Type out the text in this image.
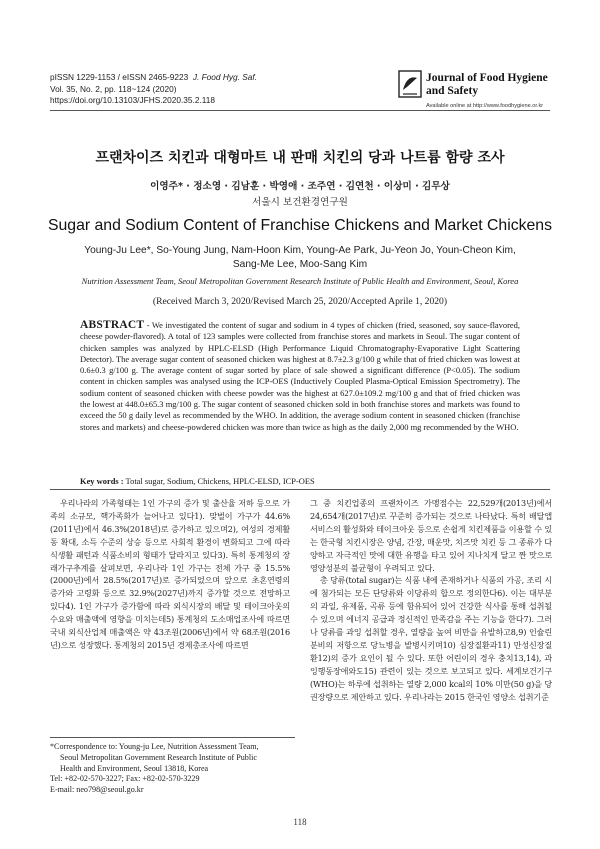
pISSN 1229-1153 / eISSN 2465-9223 J. Food Hyg. Saf.
Vol. 35, No. 2, pp. 118~124 (2020)
https://doi.org/10.13103/JFHS.2020.35.2.118
Journal of Food Hygiene
and Safety
Available online at http://www.foodhygiene.or.kr
프랜차이즈 치킨과 대형마트 내 판매 치킨의 당과 나트륨 함량 조사
이영주* · 정소영 · 김남훈 · 박영애 · 조주연 · 김연천 · 이상미 · 김무상
서울시 보건환경연구원
Sugar and Sodium Content of Franchise Chickens and Market Chickens
Young-Ju Lee*, So-Young Jung, Nam-Hoon Kim, Young-Ae Park, Ju-Yeon Jo, Youn-Cheon Kim,
Sang-Me Lee, Moo-Sang Kim
Nutrition Assessment Team, Seoul Metropolitan Government Research Institute of Public Health and Environment, Seoul, Korea
(Received March 3, 2020/Revised March 25, 2020/Accepted Aprile 1, 2020)
ABSTRACT - We investigated the content of sugar and sodium in 4 types of chicken (fried, seasoned, soy sauce-flavored, cheese powder-flavored). A total of 123 samples were collected from franchise stores and markets in Seoul. The sugar content of chicken samples was analyzed by HPLC-ELSD (High Performance Liquid Chromatography-Evaporative Light Scattering Detector). The average sugar content of seasoned chicken was highest at 8.7±2.3 g/100 g while that of fried chicken was lowest at 0.6±0.3 g/100 g. The average content of sugar sorted by place of sale showed a significant difference (P<0.05). The sodium content in chicken samples was analysed using the ICP-OES (Inductively Coupled Plasma-Optical Emission Spectrometry). The sodium content of seasoned chicken with cheese powder was the highest at 627.0±109.2 mg/100 g and that of fried chicken was the lowest at 448.0±65.3 mg/100 g. The sugar content of seasoned chicken sold in both franchise stores and markets was found to exceed the 50 g daily level as recommended by the WHO. In addition, the average sodium content in seasoned chicken (franchise stores and markets) and cheese-powdered chicken was more than twice as high as the daily 2,000 mg recommended by the WHO.
Key words : Total sugar, Sodium, Chickens, HPLC-ELSD, ICP-OES
우리나라의 가족형태는 1인 가구의 증가 및 출산율 저하 등으로 가족의 소규모, 핵가족화가 늘어나고 있다1). 맞벌이 가구가 44.6%(2011년)에서 46.3%(2018년)로 증가하고 있으며2), 여성의 경제활동 확대, 소득 수준의 상승 등으로 사회적 환경이 변화되고 그에 따라 식생활 패턴과 식품소비의 형태가 달라지고 있다3). 특히 통계청의 장래가구추계를 살펴보면, 우리나라 1인 가구는 전체 가구 중 15.5%(2000년)에서 28.5%(2017년)로 증가되었으며 앞으로 초혼연령의 증가와 고령화 등으로 32.9%(2027년)까지 증가할 것으로 전망하고 있다4). 1인 가구가 증가함에 따라 외식시장의 배달 및 테이크아웃의 수요와 매출액에 영향을 미치는데5) 통계청의 도소매업조사에 따르면 국내 외식산업체 매출액은 약 43조원(2006년)에서 약 68조원(2016년)으로 성장했다. 통계청의 2015년 경제총조사에 따르면

그 중 치킨업종의 프랜차이즈 가맹점수는 22,529개(2013년)에서 24,654개(2017년)로 꾸준히 증가되는 것으로 나타났다. 특히 배달앱 서비스의 활성화와 테이크아웃 등으로 손쉽게 치킨제품을 이용할 수 있는 한국형 치킨시장은 양념, 간장, 매운맛, 치즈맛 치킨 등 그 종류가 다양하고 자극적인 맛에 대한 유행을 타고 있어 지나치게 달고 짠 맛으로 영양성분의 불균형이 우려되고 있다.

총 당류(total sugar)는 식품 내에 존재하거나 식품의 가공, 조리 시에 첨가되는 모든 단당류와 이당류의 합으로 정의한다6). 이는 대부분의 과일, 유제품, 곡류 등에 함유되어 있어 건강한 식사를 통해 섭취될 수 있으며 에너지 공급과 정신적인 만족감을 주는 기능을 한다7). 그러나 당류를 과잉 섭취할 경우, 열량을 높여 비만을 유발하고8,9) 인슐린 분비의 저항으로 당뇨병을 발병시키며10) 심장질환과11) 만성신장질환12)의 증가 요인이 될 수 있다. 또한 어린이의 경우 충치13,14), 과잉행동장애와도15) 관련이 있는 것으로 보고되고 있다. 세계보건기구(WHO)는 하루에 섭취하는 열량 2,000 kcal의 10% 미만(50 g)을 당 권장량으로 제안하고 있다. 우리나라는 2015 한국인 영양소 섭취기준

*Correspondence to: Young-ju Lee, Nutrition Assessment Team,
Seoul Metropolitan Government Research Institute of Public
Health and Environment, Seoul 13818, Korea
Tel: +82-02-570-3227; Fax: +82-02-570-3229
E-mail: neo798@seoul.go.kr
118
